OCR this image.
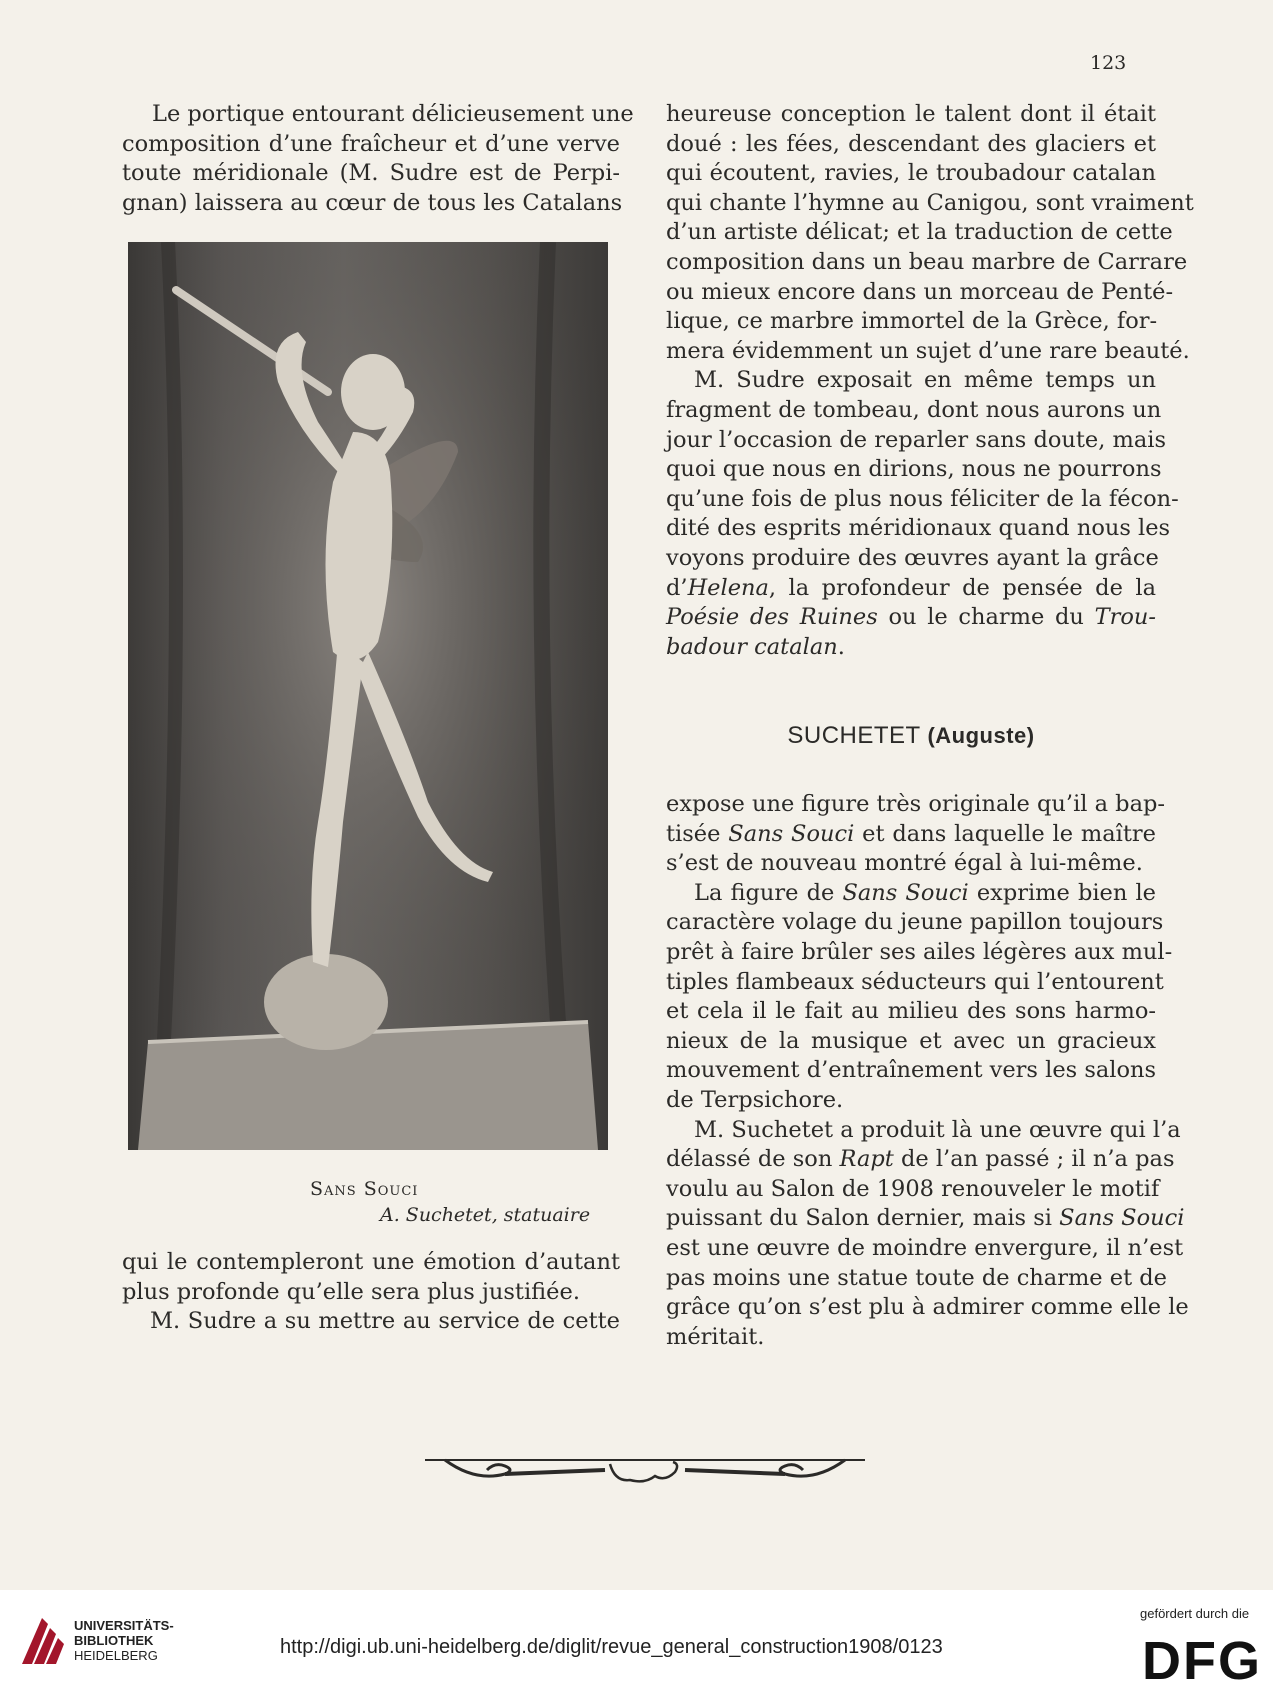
123

Le portique entourant délicieusement une
composition d’une fraîcheur et d’une verve
toute méridionale (M. Sudre est de Perpi-
gnan) laissera au cœur de tous les Catalans

Sans Souci
A. Suchetet, statuaire
qui le contempleront une émotion d’autant
plus profonde qu’elle sera plus justifiée.
M. Sudre a su mettre au service de cette
heureuse conception le talent dont il était
doué : les fées, descendant des glaciers et
qui écoutent, ravies, le troubadour catalan
qui chante l’hymne au Canigou, sont vraiment
d’un artiste délicat; et la traduction de cette
composition dans un beau marbre de Carrare
ou mieux encore dans un morceau de Penté-
lique, ce marbre immortel de la Grèce, for-
mera évidemment un sujet d’une rare beauté.
M. Sudre exposait en même temps un
fragment de tombeau, dont nous aurons un
jour l’occasion de reparler sans doute, mais
quoi que nous en dirions, nous ne pourrons
qu’une fois de plus nous féliciter de la fécon-
dité des esprits méridionaux quand nous les
voyons produire des œuvres ayant la grâce
d’Helena, la profondeur de pensée de la
Poésie des Ruines ou le charme du Trou-
badour catalan.
SUCHETET (Auguste)
expose une figure très originale qu’il a bap-
tisée Sans Souci et dans laquelle le maître
s’est de nouveau montré égal à lui-même.
La figure de Sans Souci exprime bien le
caractère volage du jeune papillon toujours
prêt à faire brûler ses ailes légères aux mul-
tiples flambeaux séducteurs qui l’entourent
et cela il le fait au milieu des sons harmo-
nieux de la musique et avec un gracieux
mouvement d’entraînement vers les salons
de Terpsichore.
M. Suchetet a produit là une œuvre qui l’a
délassé de son Rapt de l’an passé ; il n’a pas
voulu au Salon de 1908 renouveler le motif
puissant du Salon dernier, mais si Sans Souci
est une œuvre de moindre envergure, il n’est
pas moins une statue toute de charme et de
grâce qu’on s’est plu à admirer comme elle le
méritait.
UNIVERSITÄTS-
BIBLIOTHEK
HEIDELBERG	http://digi.ub.uni-heidelberg.de/diglit/revue_general_construction1908/0123
gefördert durch die
DFG
